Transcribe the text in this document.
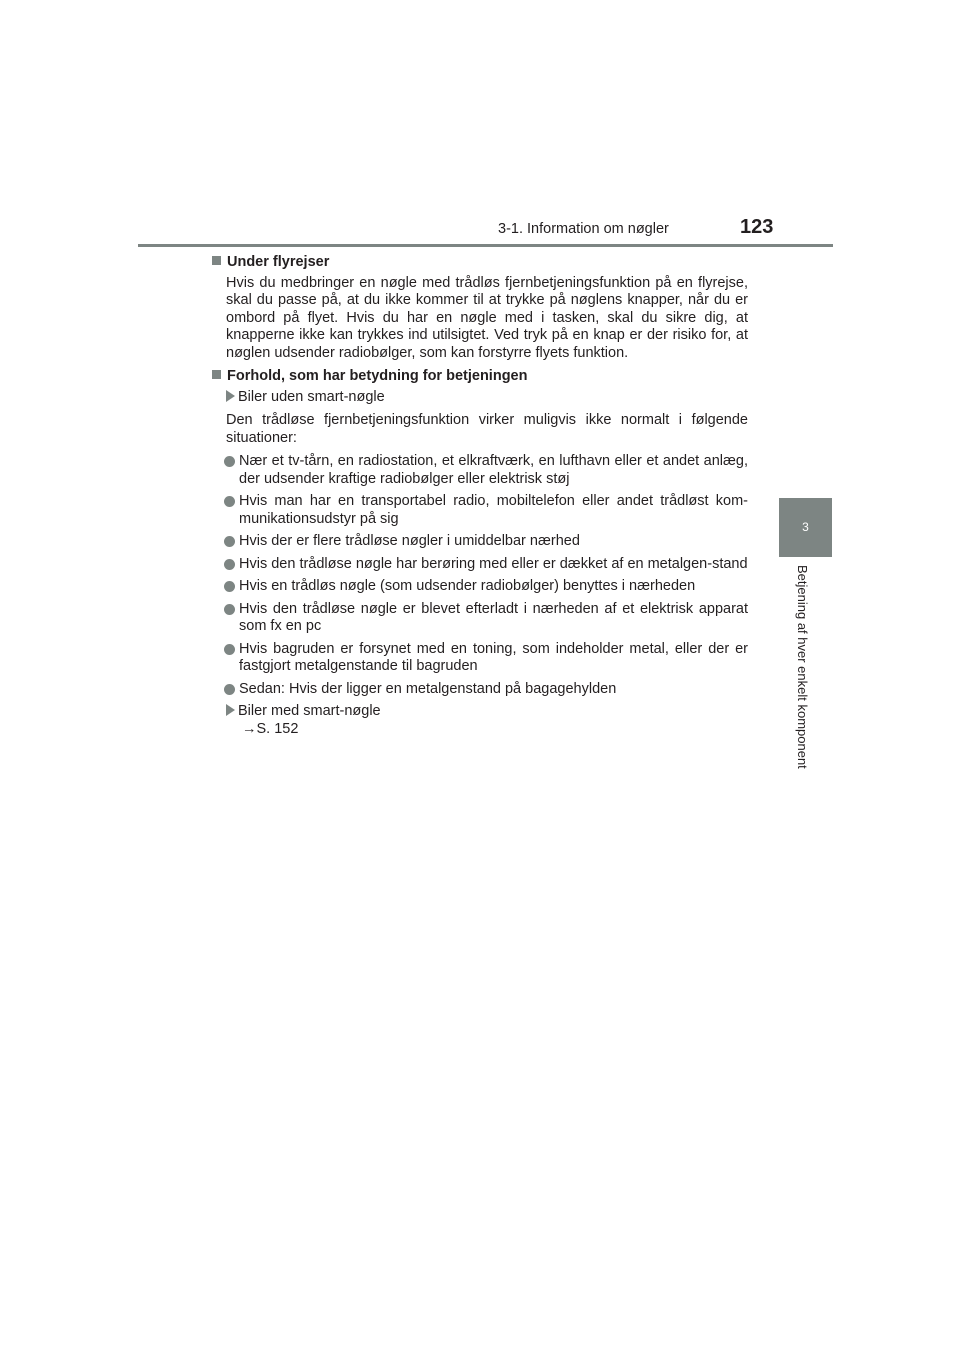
3-1. Information om nøgler	123
3
Betjening af hver enkelt komponent
Under flyrejser
Hvis du medbringer en nøgle med trådløs fjernbetjeningsfunktion på en flyrejse, skal du passe på, at du ikke kommer til at trykke på nøglens knapper, når du er ombord på flyet. Hvis du har en nøgle med i tasken, skal du sikre dig, at knapperne ikke kan trykkes ind utilsigtet. Ved tryk på en knap er der risiko for, at nøglen udsender radiobølger, som kan forstyrre flyets funktion.
Forhold, som har betydning for betjeningen
Biler uden smart-nøgle
Den trådløse fjernbetjeningsfunktion virker muligvis ikke normalt i følgende situationer:
Nær et tv-tårn, en radiostation, et elkraftværk, en lufthavn eller et andet anlæg, der udsender kraftige radiobølger eller elektrisk støj
Hvis man har en transportabel radio, mobiltelefon eller andet trådløst kom-munikationsudstyr på sig
Hvis der er flere trådløse nøgler i umiddelbar nærhed
Hvis den trådløse nøgle har berøring med eller er dækket af en metalgen-stand
Hvis en trådløs nøgle (som udsender radiobølger) benyttes i nærheden
Hvis den trådløse nøgle er blevet efterladt i nærheden af et elektrisk apparat som fx en pc
Hvis bagruden er forsynet med en toning, som indeholder metal, eller der er fastgjort metalgenstande til bagruden
Sedan: Hvis der ligger en metalgenstand på bagagehylden
Biler med smart-nøgle
→S. 152
